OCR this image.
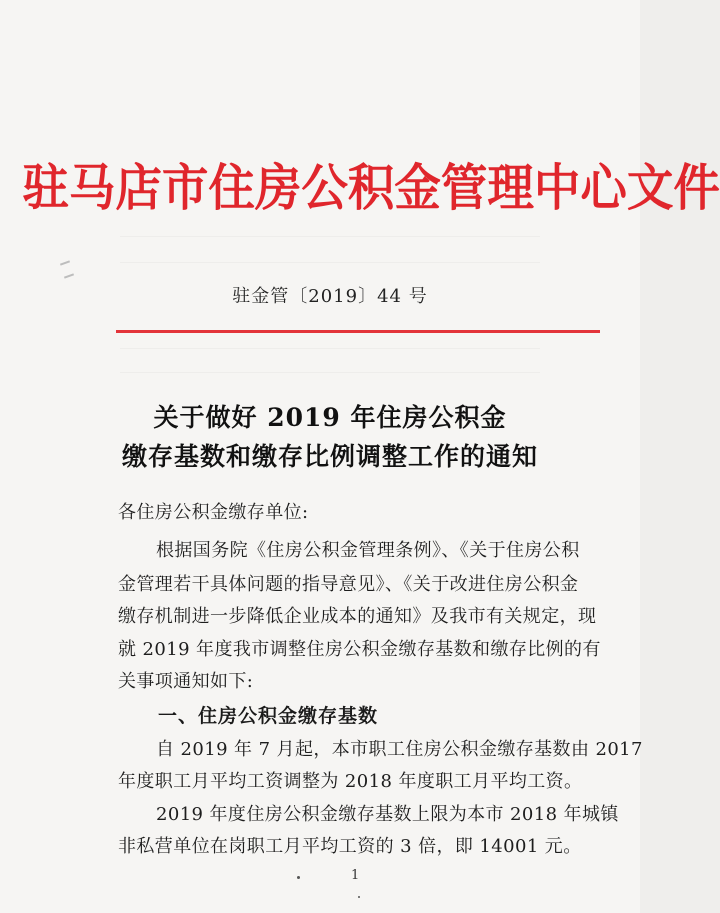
驻马店市住房公积金管理中心文件
驻金管〔2019〕44 号
关于做好 2019 年住房公积金
缴存基数和缴存比例调整工作的通知
各住房公积金缴存单位:
根据国务院《住房公积金管理条例》、《关于住房公积
金管理若干具体问题的指导意见》、《关于改进住房公积金
缴存机制进一步降低企业成本的通知》及我市有关规定，现
就 2019 年度我市调整住房公积金缴存基数和缴存比例的有
关事项通知如下:
一、住房公积金缴存基数
自 2019 年 7 月起，本市职工住房公积金缴存基数由 2017
年度职工月平均工资调整为 2018 年度职工月平均工资。
2019 年度住房公积金缴存基数上限为本市 2018 年城镇
非私营单位在岗职工月平均工资的 3 倍，即 14001 元。
1
